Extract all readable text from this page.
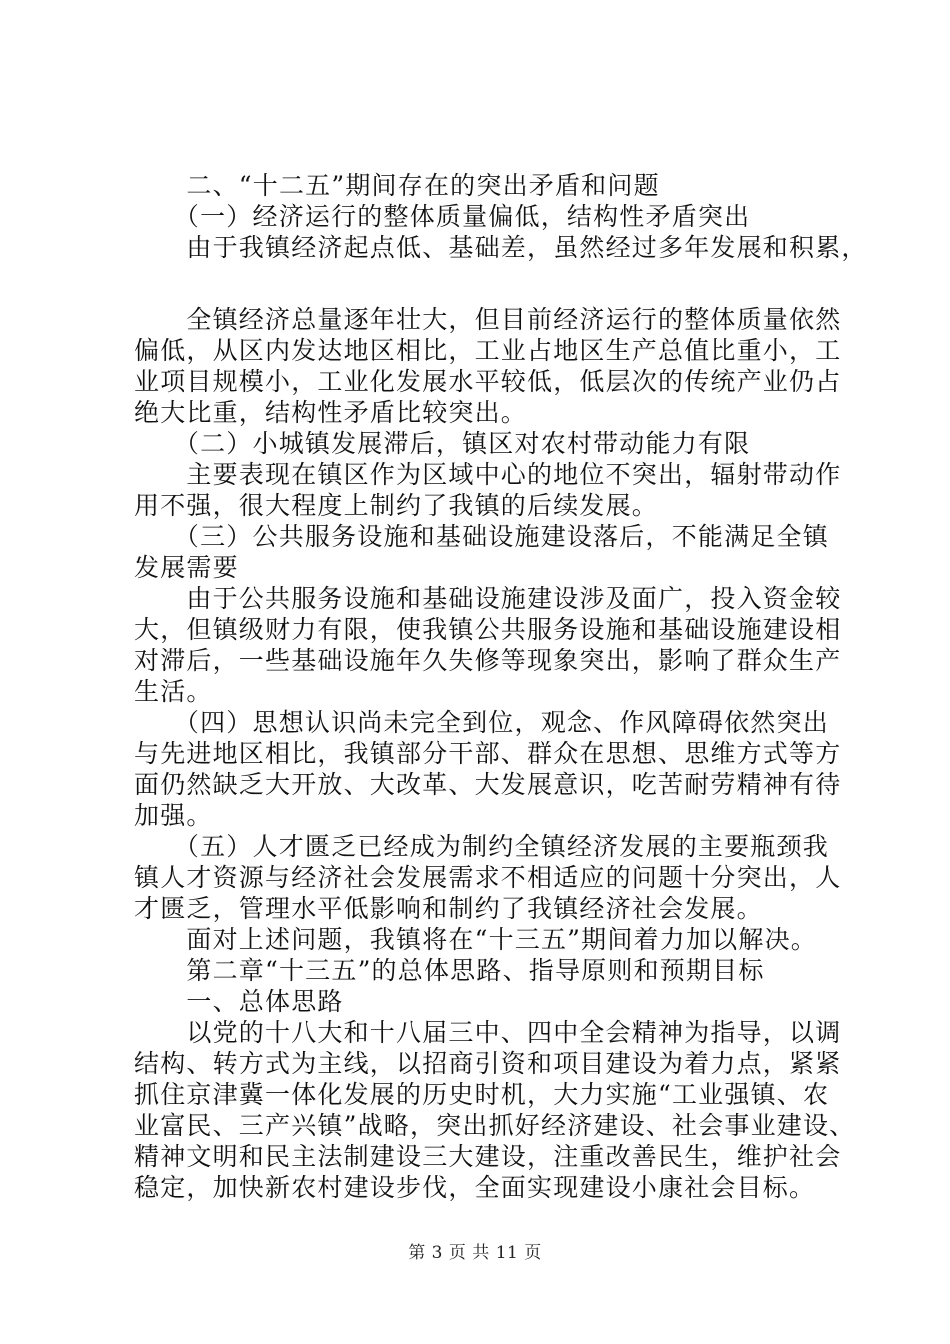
　　二、“十二五”期间存在的突出矛盾和问题
　　（一）经济运行的整体质量偏低，结构性矛盾突出
　　由于我镇经济起点低、基础差，虽然经过多年发展和积累，
　　全镇经济总量逐年壮大，但目前经济运行的整体质量依然
偏低，从区内发达地区相比，工业占地区生产总值比重小，工
业项目规模小，工业化发展水平较低，低层次的传统产业仍占
绝大比重，结构性矛盾比较突出。
　　（二）小城镇发展滞后，镇区对农村带动能力有限
　　主要表现在镇区作为区域中心的地位不突出，辐射带动作
用不强，很大程度上制约了我镇的后续发展。
　　（三）公共服务设施和基础设施建设落后，不能满足全镇
发展需要
　　由于公共服务设施和基础设施建设涉及面广，投入资金较
大，但镇级财力有限，使我镇公共服务设施和基础设施建设相
对滞后，一些基础设施年久失修等现象突出，影响了群众生产
生活。
　　（四）思想认识尚未完全到位，观念、作风障碍依然突出
与先进地区相比，我镇部分干部、群众在思想、思维方式等方
面仍然缺乏大开放、大改革、大发展意识，吃苦耐劳精神有待
加强。
　　（五）人才匮乏已经成为制约全镇经济发展的主要瓶颈我
镇人才资源与经济社会发展需求不相适应的问题十分突出，人
才匮乏，管理水平低影响和制约了我镇经济社会发展。
　　面对上述问题，我镇将在“十三五”期间着力加以解决。
　　第二章“十三五”的总体思路、指导原则和预期目标
　　一、总体思路
　　以党的十八大和十八届三中、四中全会精神为指导，以调
结构、转方式为主线，以招商引资和项目建设为着力点，紧紧
抓住京津冀一体化发展的历史时机，大力实施“工业强镇、农
业富民、三产兴镇”战略，突出抓好经济建设、社会事业建设、
精神文明和民主法制建设三大建设，注重改善民生，维护社会
稳定，加快新农村建设步伐，全面实现建设小康社会目标。
第 3 页 共 11 页
